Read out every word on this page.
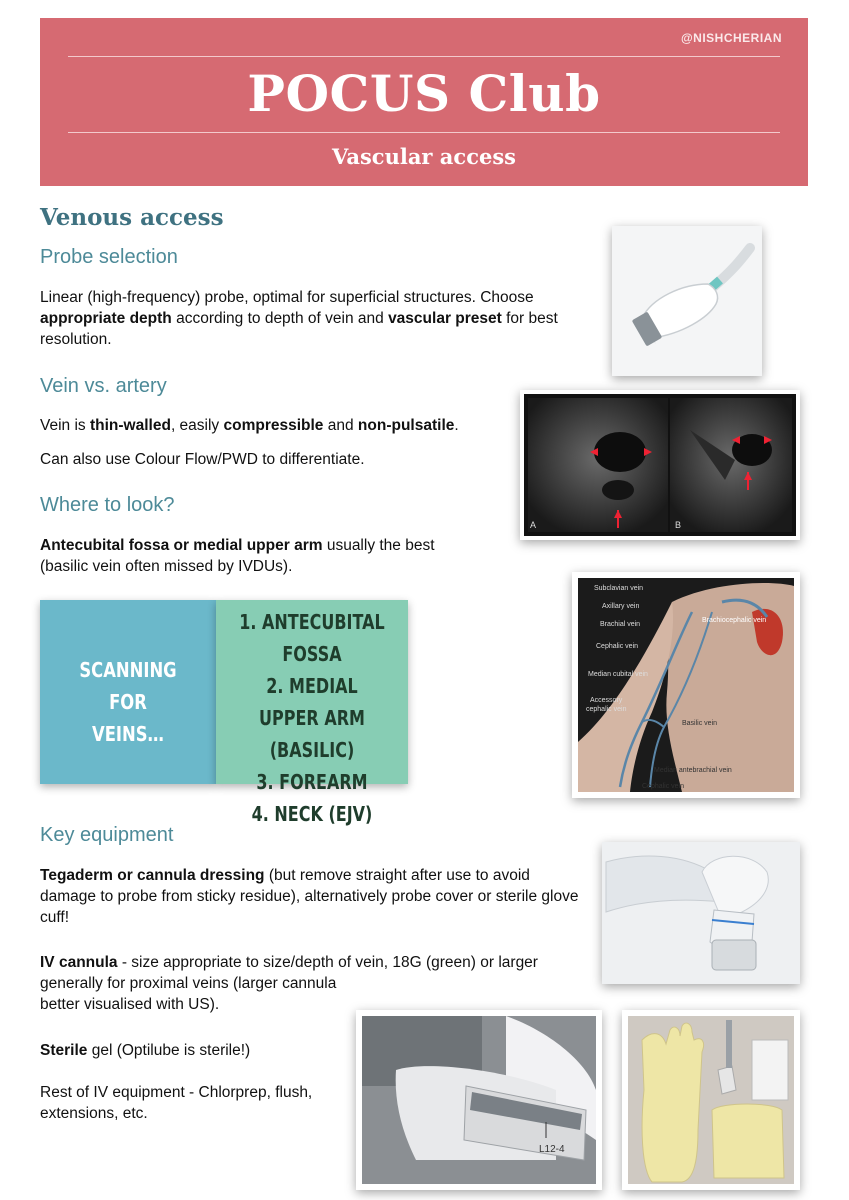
@NISHCHERIAN
POCUS Club
Vascular access
Venous access
Probe selection
Linear (high-frequency) probe, optimal for superficial structures. Choose appropriate depth according to depth of vein and vascular preset for best resolution.
Vein vs. artery
Vein is thin-walled, easily compressible and non-pulsatile.
Can also use Colour Flow/PWD to differentiate.
A	B
Where to look?
Antecubital fossa or medial upper arm usually the best (basilic vein often missed by IVDUs).
SCANNING FOR
VEINS…
1. ANTECUBITAL FOSSA
2. MEDIAL UPPER ARM
(BASILIC)
3. FOREARM
4. NECK (EJV)
Subclavian vein
Axillary vein
Brachial vein
Cephalic vein
Median cubital vein
Accessory
cephalic vein
Brachiocephalic vein
Basilic vein
Median antebrachial vein
Cephalic vein
Key equipment
Tegaderm or cannula dressing (but remove straight after use to avoid damage to probe from sticky residue), alternatively probe cover or sterile glove cuff!
IV cannula - size appropriate to size/depth of vein, 18G (green) or larger generally for proximal veins (larger cannula
better visualised with US).
Sterile gel (Optilube is sterile!)
Rest of IV equipment - Chlorprep, flush, extensions, etc.
L12-4
